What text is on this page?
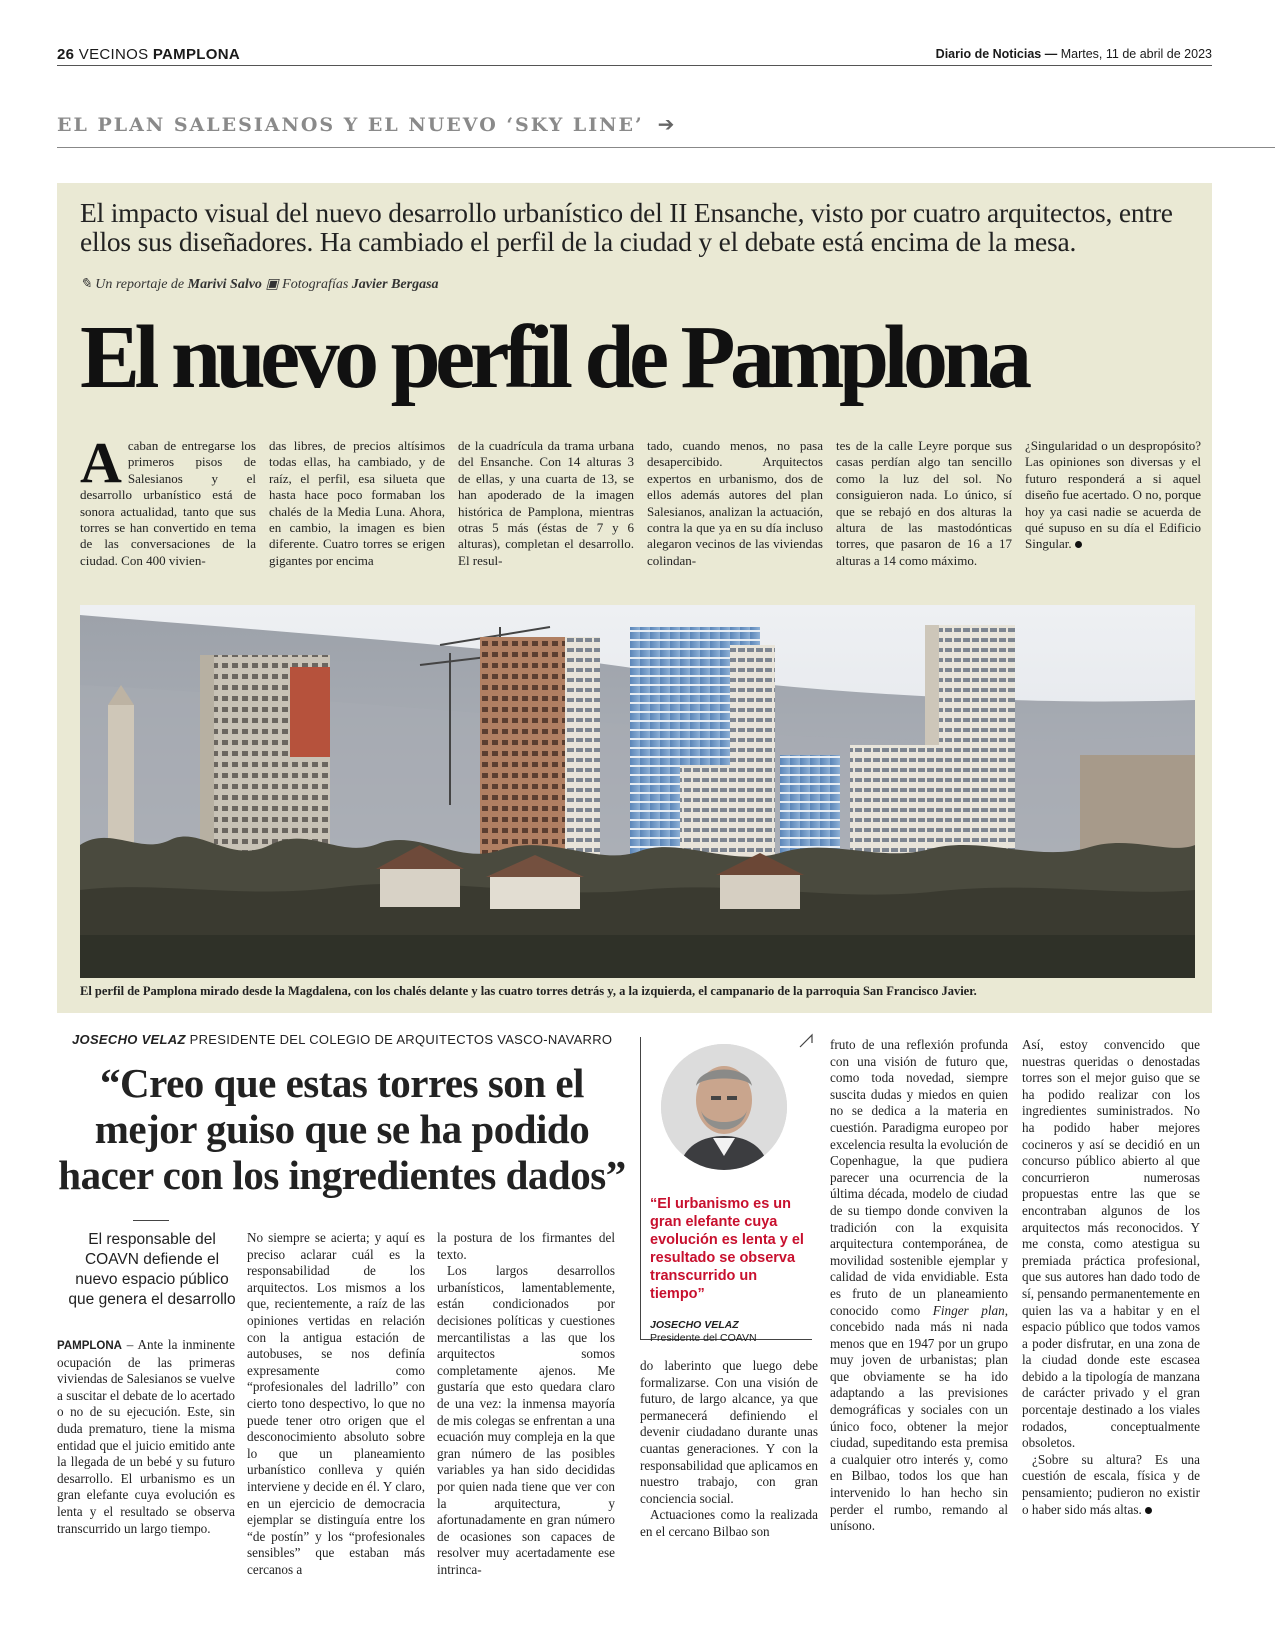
26 VECINOS PAMPLONA	Diario de Noticias — Martes, 11 de abril de 2023
EL PLAN SALESIANOS Y EL NUEVO ‘SKY LINE’ ➔
El impacto visual del nuevo desarrollo urbanístico del II Ensanche, visto por cuatro arquitectos, entre ellos sus diseñadores. Ha cambiado el perfil de la ciudad y el debate está encima de la mesa.
✎ Un reportaje de Marivi Salvo ▣ Fotografías Javier Bergasa
El nuevo perfil de Pamplona
Acaban de entregarse los primeros pisos de Salesianos y el desarrollo urbanístico está de sonora actualidad, tanto que sus torres se han convertido en tema de las conversaciones de la ciudad. Con 400 vivien-
das libres, de precios altísimos todas ellas, ha cambiado, y de raíz, el perfil, esa silueta que hasta hace poco formaban los chalés de la Media Luna. Ahora, en cambio, la imagen es bien diferente. Cuatro torres se erigen gigantes por encima
de la cuadrícula da trama urbana del Ensanche. Con 14 alturas 3 de ellas, y una cuarta de 13, se han apoderado de la imagen histórica de Pamplona, mientras otras 5 más (éstas de 7 y 6 alturas), completan el desarrollo. El resul-
tado, cuando menos, no pasa desapercibido. Arquitectos expertos en urbanismo, dos de ellos además autores del plan Salesianos, analizan la actuación, contra la que ya en su día incluso alegaron vecinos de las viviendas colindan-
tes de la calle Leyre porque sus casas perdían algo tan sencillo como la luz del sol. No consiguieron nada. Lo único, sí que se rebajó en dos alturas la altura de las mastodónticas torres, que pasaron de 16 a 17 alturas a 14 como máximo.
¿Singularidad o un despropósito? Las opiniones son diversas y el futuro responderá a si aquel diseño fue acertado. O no, porque hoy ya casi nadie se acuerda de qué supuso en su día el Edificio Singular.
El perfil de Pamplona mirado desde la Magdalena, con los chalés delante y las cuatro torres detrás y, a la izquierda, el campanario de la parroquia San Francisco Javier.
JOSECHO VELAZ PRESIDENTE DEL COLEGIO DE ARQUITECTOS VASCO-NAVARRO
“Creo que estas torres son el mejor guiso que se ha podido hacer con los ingredientes dados”
El responsable del COAVN defiende el nuevo espacio público que genera el desarrollo

PAMPLONA – Ante la inminente ocupación de las primeras viviendas de Salesianos se vuelve a suscitar el debate de lo acertado o no de su ejecución. Este, sin duda prematuro, tiene la misma entidad que el juicio emitido ante la llegada de un bebé y su futuro desarrollo. El urbanismo es un gran elefante cuya evolución es lenta y el resultado se observa transcurrido un largo tiempo.

No siempre se acierta; y aquí es preciso aclarar cuál es la responsabilidad de los arquitectos. Los mismos a los que, recientemente, a raíz de las opiniones vertidas en relación con la antigua estación de autobuses, se nos definía expresamente como “profesionales del ladrillo” con cierto tono despectivo, lo que no puede tener otro origen que el desconocimiento absoluto sobre lo que un planeamiento urbanístico conlleva y quién interviene y decide en él. Y claro, en un ejercicio de democracia ejemplar se distinguía entre los “de postín” y los “profesionales sensibles” que estaban más cercanos a

la postura de los firmantes del texto.

Los largos desarrollos urbanísticos, lamentablemente, están condicionados por decisiones políticas y cuestiones mercantilistas a las que los arquitectos somos completamente ajenos. Me gustaría que esto quedara claro de una vez: la inmensa mayoría de mis colegas se enfrentan a una ecuación muy compleja en la que gran número de las posibles variables ya han sido decididas por quien nada tiene que ver con la arquitectura, y afortunadamente en gran número de ocasiones son capaces de resolver muy acertadamente ese intrinca-

“El urbanismo es un gran elefante cuya evolución es lenta y el resultado se observa transcurrido un tiempo”
JOSECHO VELAZ
Presidente del COAVN

do laberinto que luego debe formalizarse. Con una visión de futuro, de largo alcance, ya que permanecerá definiendo el devenir ciudadano durante unas cuantas generaciones. Y con la responsabilidad que aplicamos en nuestro trabajo, con gran conciencia social.

Actuaciones como la realizada en el cercano Bilbao son

fruto de una reflexión profunda con una visión de futuro que, como toda novedad, siempre suscita dudas y miedos en quien no se dedica a la materia en cuestión. Paradigma europeo por excelencia resulta la evolución de Copenhague, la que pudiera parecer una ocurrencia de la última década, modelo de ciudad de su tiempo donde conviven la tradición con la exquisita arquitectura contemporánea, de movilidad sostenible ejemplar y calidad de vida envidiable. Esta es fruto de un planeamiento conocido como Finger plan, concebido nada más ni nada menos que en 1947 por un grupo muy joven de urbanistas; plan que obviamente se ha ido adaptando a las previsiones demográficas y sociales con un único foco, obtener la mejor ciudad, supeditando esta premisa a cualquier otro interés y, como en Bilbao, todos los que han intervenido lo han hecho sin perder el rumbo, remando al unísono.

Así, estoy convencido que nuestras queridas o denostadas torres son el mejor guiso que se ha podido realizar con los ingredientes suministrados. No ha podido haber mejores cocineros y así se decidió en un concurso público abierto al que concurrieron numerosas propuestas entre las que se encontraban algunos de los arquitectos más reconocidos. Y me consta, como atestigua su premiada práctica profesional, que sus autores han dado todo de sí, pensando permanentemente en quien las va a habitar y en el espacio público que todos vamos a poder disfrutar, en una zona de la ciudad donde este escasea debido a la tipología de manzana de carácter privado y el gran porcentaje destinado a los viales rodados, conceptualmente obsoletos.

¿Sobre su altura? Es una cuestión de escala, física y de pensamiento; pudieron no existir o haber sido más altas.
